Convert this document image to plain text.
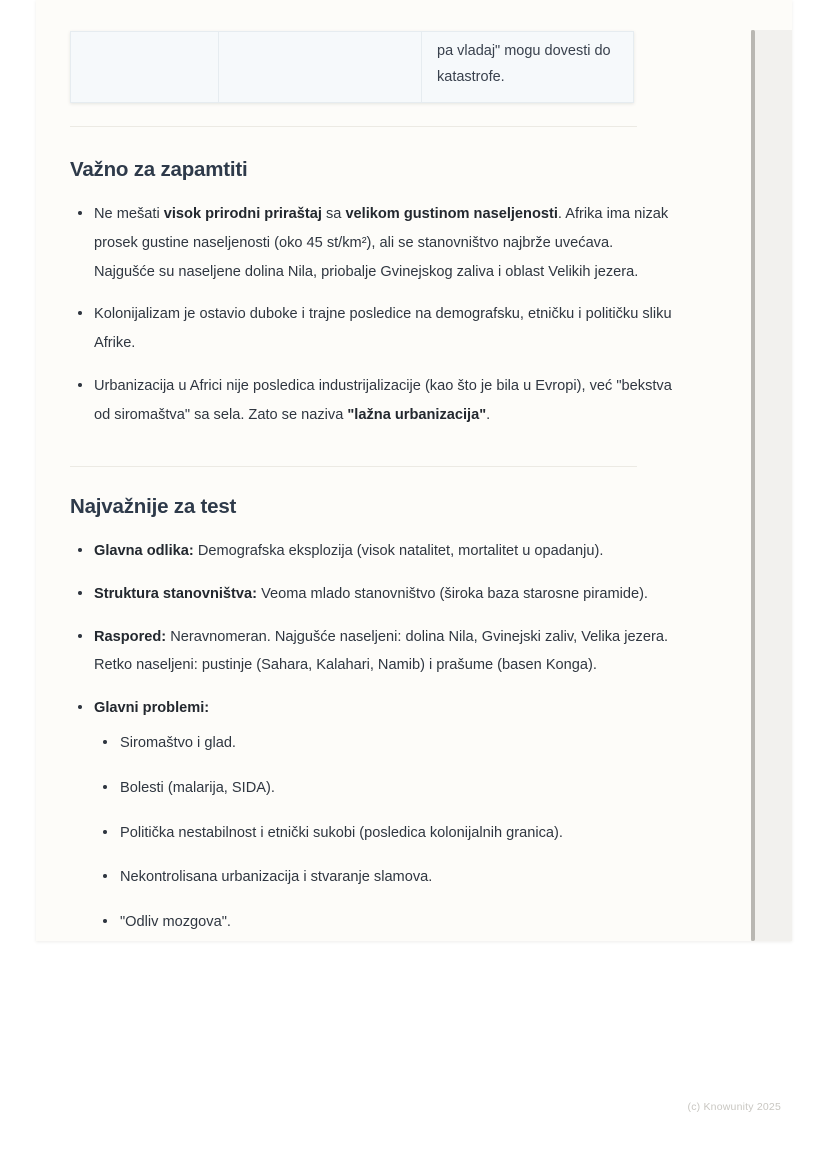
pa vladaj" mogu dovesti do katastrofe.
Važno za zapamtiti
Ne mešati visok prirodni priraštaj sa velikom gustinom naseljenosti. Afrika ima nizak prosek gustine naseljenosti (oko 45 st/km²), ali se stanovništvo najbrže uvećava. Najgušće su naseljene dolina Nila, priobalje Gvinejskog zaliva i oblast Velikih jezera.
Kolonijalizam je ostavio duboke i trajne posledice na demografsku, etničku i političku sliku Afrike.
Urbanizacija u Africi nije posledica industrijalizacije (kao što je bila u Evropi), već "bekstva od siromaštva" sa sela. Zato se naziva "lažna urbanizacija".
Najvažnije za test
Glavna odlika: Demografska eksplozija (visok natalitet, mortalitet u opadanju).
Struktura stanovništva: Veoma mlado stanovništvo (široka baza starosne piramide).
Raspored: Neravnomeran. Najgušće naseljeni: dolina Nila, Gvinejski zaliv, Velika jezera. Retko naseljeni: pustinje (Sahara, Kalahari, Namib) i prašume (basen Konga).
Glavni problemi:
Siromaštvo i glad.
Bolesti (malarija, SIDA).
Politička nestabilnost i etnički sukobi (posledica kolonijalnih granica).
Nekontrolisana urbanizacija i stvaranje slamova.
"Odliv mozgova".
(c) Knowunity 2025
